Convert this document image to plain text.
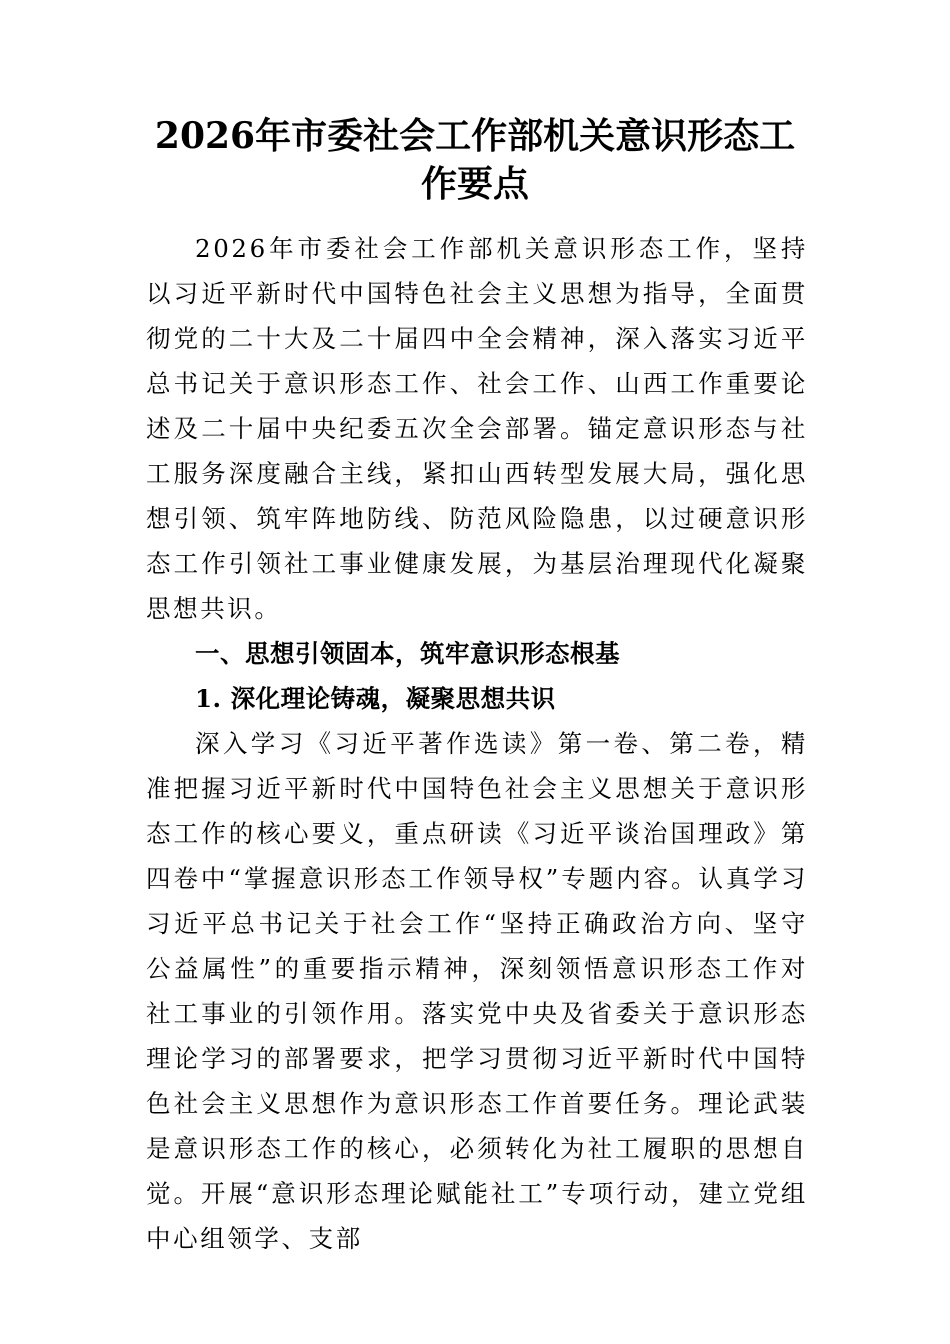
2026年市委社会工作部机关意识形态工作要点

2026年市委社会工作部机关意识形态工作，坚持以习近平新时代中国特色社会主义思想为指导，全面贯彻党的二十大及二十届四中全会精神，深入落实习近平总书记关于意识形态工作、社会工作、山西工作重要论述及二十届中央纪委五次全会部署。锚定意识形态与社工服务深度融合主线，紧扣山西转型发展大局，强化思想引领、筑牢阵地防线、防范风险隐患，以过硬意识形态工作引领社工事业健康发展，为基层治理现代化凝聚思想共识。

一、思想引领固本，筑牢意识形态根基

1. 深化理论铸魂，凝聚思想共识

深入学习《习近平著作选读》第一卷、第二卷，精准把握习近平新时代中国特色社会主义思想关于意识形态工作的核心要义，重点研读《习近平谈治国理政》第四卷中“掌握意识形态工作领导权”专题内容。认真学习习近平总书记关于社会工作“坚持正确政治方向、坚守公益属性”的重要指示精神，深刻领悟意识形态工作对社工事业的引领作用。落实党中央及省委关于意识形态理论学习的部署要求，把学习贯彻习近平新时代中国特色社会主义思想作为意识形态工作首要任务。理论武装是意识形态工作的核心，必须转化为社工履职的思想自觉。开展“意识形态理论赋能社工”专项行动，建立党组中心组领学、支部
